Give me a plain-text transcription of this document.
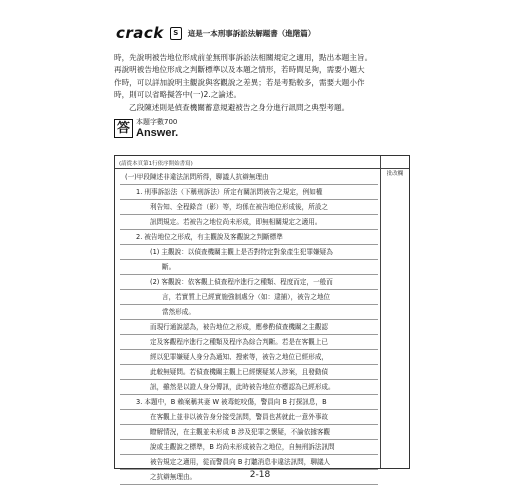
crack	S	這是一本刑事訴訟法解題書（進階篇）

時，先說明被告地位形成前並無刑事訴訟法相關規定之適用，點出本題主旨。

再說明被告地位形成之判斷標準以及本題之情形，若時間足夠，需要小題大

作時，可以詳加說明主觀說與客觀說之差異；若是考點較多，需要大題小作

時，則可以省略擬答中(一)2.之論述。

乙段陳述則是偵查機關蓄意規避被告之身分進行訊問之典型考題。

答 本題字數700
Answer.
(請從本頁第1行依序開始書寫)
批改欄
(一)甲段陳述非違法訊問所得，聊議人抗辯無理由
1. 刑事訴訟法（下稱刑訴法）所定有關訊問被告之規定，例如權
利告知、全程錄音（影）等，均係在被告地位形成後，所設之
訊問規定。若被告之地位尚未形成，即無相關規定之適用。
2. 被告地位之形成，有主觀說及客觀說之判斷標準
(1) 主觀說：以偵查機關主觀上是否對特定對象產生犯罪嫌疑為
斷。
(2) 客觀說：依客觀上偵查程序進行之種類、程度而定，一般而
言，若實質上已經實施強制處分（如：逮捕），被告之地位
當然形成。
而現行通說認為，被告地位之形成，應參酌偵查機關之主觀認
定及客觀程序進行之種類及程序為綜合判斷。若是在客觀上已
經以犯罪嫌疑人身分為通知、搜索等，被告之地位已經形成，
此較無疑問。若偵查機關主觀上已經懷疑某人涉案，且發動偵
訊，雖然是以證人身分傳訊，此時被告地位亦應認為已經形成。
3. 本題中，B 賴案稱其妻 W 被毒蛇咬傷，警員向 B 打探訊息，B
在客觀上並非以被告身分接受訊問，警員也甚就此一意外事故
瞭解情況，在主觀並未形成 B 涉及犯罪之懷疑，不論依據客觀
說或主觀說之標準，B 均尚未形成被告之地位，自無刑訴法訊問
被告規定之適用，從而警員向 B 打聽消息非違法訊問，聊議人
之抗辯無理由。	2-18
